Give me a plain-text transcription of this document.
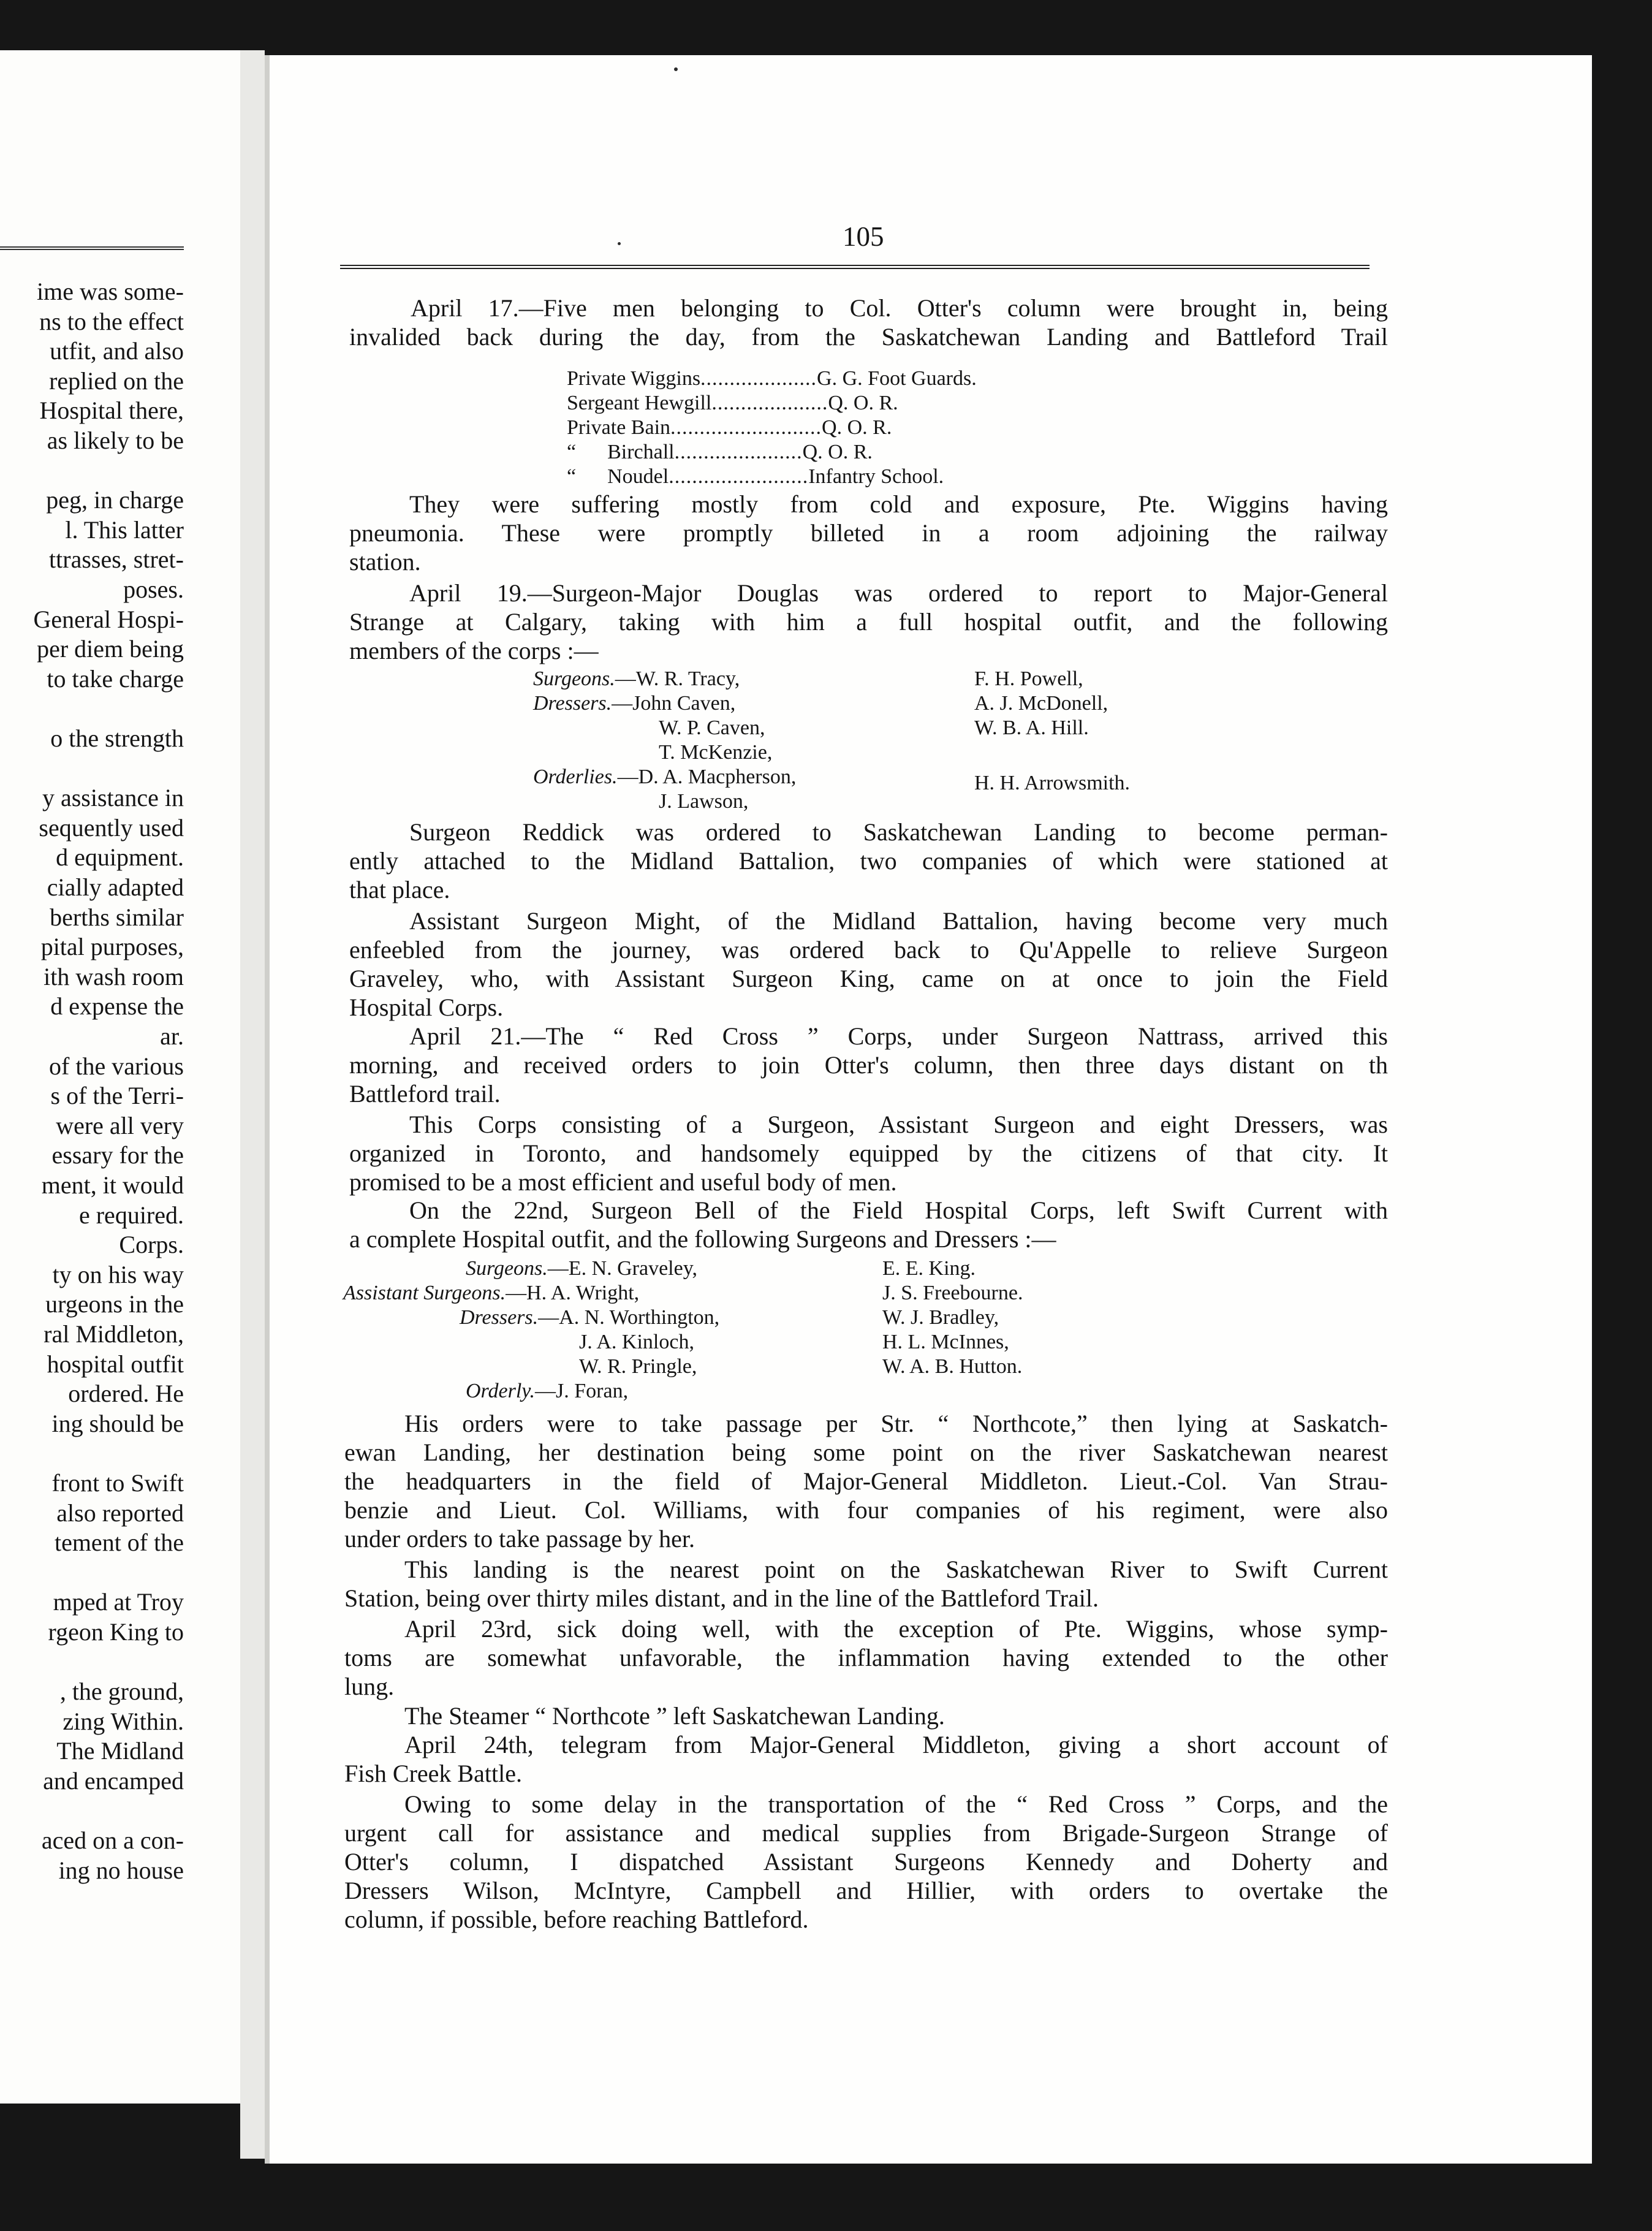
ime was some-
ns to the effect
utfit, and also
replied on the
Hospital there,
as likely to be
peg, in charge
l. This latter
ttrasses, stret-
poses.
General Hospi-
per diem being
to take charge
o the strength
y assistance in
sequently used
d equipment.
cially adapted
berths similar
pital purposes,
ith wash room
d expense the
ar.
of the various
s of the Terri-
were all very
essary for the
ment, it would
e required.
Corps.
ty on his way
urgeons in the
ral Middleton,
hospital outfit
ordered. He
ing should be
front to Swift
also reported
tement of the
mped at Troy
rgeon King to
, the ground,
zing Within.
The Midland
and encamped
aced on a con-
ing no house
105
April 17.—Five men belonging to Col. Otter's column were brought in, being
invalided back during the day, from the Saskatchewan Landing and Battleford Trail
Private Wiggins....................G. G. Foot Guards.
Sergeant Hewgill....................Q. O. R.
Private Bain..........................Q. O. R.
“      Birchall......................Q. O. R.
“      Noudel........................Infantry School.
They were suffering mostly from cold and exposure, Pte. Wiggins having
pneumonia. These were promptly billeted in a room adjoining the railway
station.
April 19.—Surgeon-Major Douglas was ordered to report to Major-General
Strange at Calgary, taking with him a full hospital outfit, and the following
members of the corps :—
Surgeons.—W. R. Tracy,	F. H. Powell,
Dressers.—John Caven,	A. J. McDonell,
W. P. Caven,	W. B. A. Hill.
T. McKenzie,
Orderlies.—D. A. Macpherson,	H. H. Arrowsmith.
J. Lawson,
Surgeon Reddick was ordered to Saskatchewan Landing to become perman-
ently attached to the Midland Battalion, two companies of which were stationed at
that place.
Assistant Surgeon Might, of the Midland Battalion, having become very much
enfeebled from the journey, was ordered back to Qu'Appelle to relieve Surgeon
Graveley, who, with Assistant Surgeon King, came on at once to join the Field
Hospital Corps.
April 21.—The “ Red Cross ” Corps, under Surgeon Nattrass, arrived this
morning, and received orders to join Otter's column, then three days distant on th
Battleford trail.
This Corps consisting of a Surgeon, Assistant Surgeon and eight Dressers, was
organized in Toronto, and handsomely equipped by the citizens of that city. It
promised to be a most efficient and useful body of men.
On the 22nd, Surgeon Bell of the Field Hospital Corps, left Swift Current with
a complete Hospital outfit, and the following Surgeons and Dressers :—
Surgeons.—E. N. Graveley,	E. E. King.
Assistant Surgeons.—H. A. Wright,	J. S. Freebourne.
Dressers.—A. N. Worthington,	W. J. Bradley,
J. A. Kinloch,	H. L. McInnes,
W. R. Pringle,	W. A. B. Hutton.
Orderly.—J. Foran,
His orders were to take passage per Str. “ Northcote,” then lying at Saskatch-
ewan Landing, her destination being some point on the river Saskatchewan nearest
the headquarters in the field of Major-General Middleton. Lieut.-Col. Van Strau-
benzie and Lieut. Col. Williams, with four companies of his regiment, were also
under orders to take passage by her.
This landing is the nearest point on the Saskatchewan River to Swift Current
Station, being over thirty miles distant, and in the line of the Battleford Trail.
April 23rd, sick doing well, with the exception of Pte. Wiggins, whose symp-
toms are somewhat unfavorable, the inflammation having extended to the other
lung.
The Steamer “ Northcote ” left Saskatchewan Landing.
April 24th, telegram from Major-General Middleton, giving a short account of
Fish Creek Battle.
Owing to some delay in the transportation of the “ Red Cross ” Corps, and the
urgent call for assistance and medical supplies from Brigade-Surgeon Strange of
Otter's column, I dispatched Assistant Surgeons Kennedy and Doherty and
Dressers Wilson, McIntyre, Campbell and Hillier, with orders to overtake the
column, if possible, before reaching Battleford.
